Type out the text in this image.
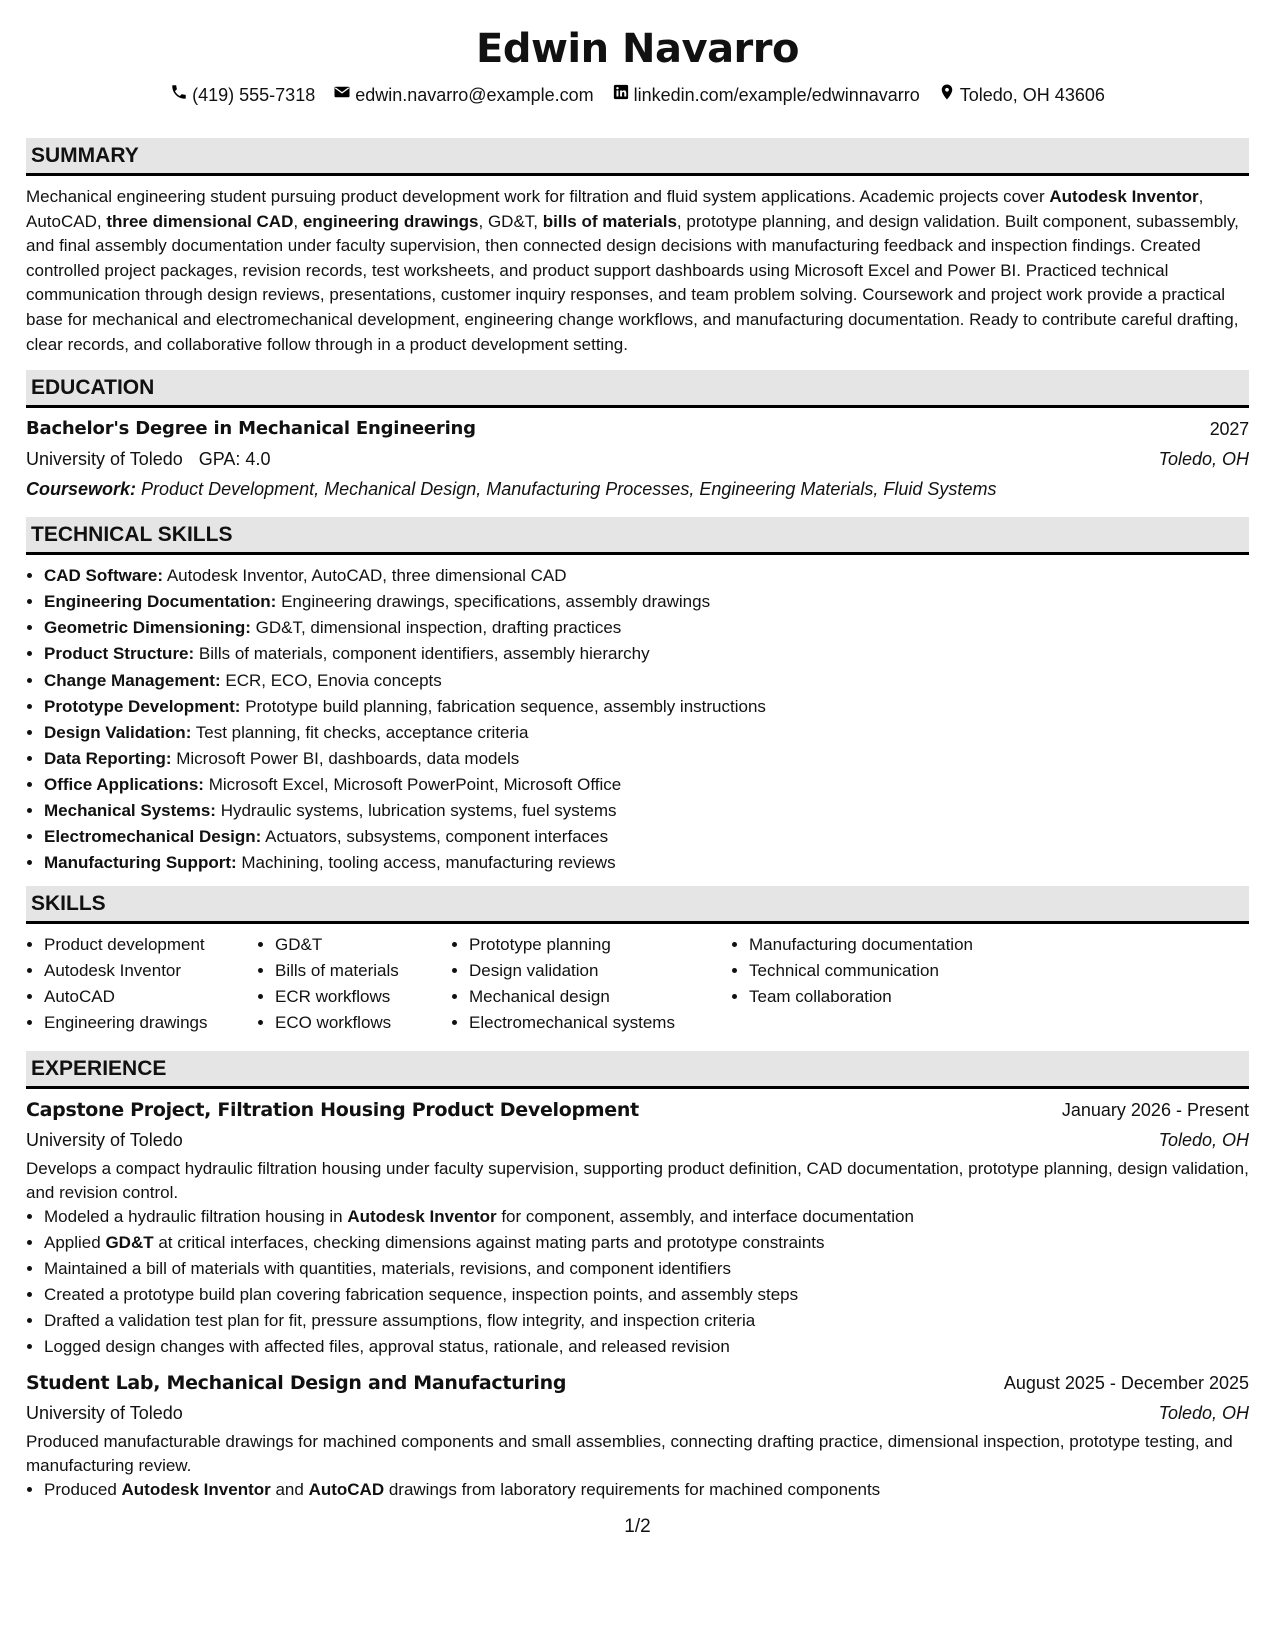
Edwin Navarro
(419) 555-7318 edwin.navarro@example.com linkedin.com/example/edwinnavarro Toledo, OH 43606
SUMMARY
Mechanical engineering student pursuing product development work for filtration and fluid system applications. Academic projects cover Autodesk Inventor, AutoCAD, three dimensional CAD, engineering drawings, GD&T, bills of materials, prototype planning, and design validation. Built component, subassembly, and final assembly documentation under faculty supervision, then connected design decisions with manufacturing feedback and inspection findings. Created controlled project packages, revision records, test worksheets, and product support dashboards using Microsoft Excel and Power BI. Practiced technical communication through design reviews, presentations, customer inquiry responses, and team problem solving. Coursework and project work provide a practical base for mechanical and electromechanical development, engineering change workflows, and manufacturing documentation. Ready to contribute careful drafting, clear records, and collaborative follow through in a product development setting.
EDUCATION
Bachelor's Degree in Mechanical Engineering	2027
University of Toledo GPA: 4.0	Toledo, OH
Coursework: Product Development, Mechanical Design, Manufacturing Processes, Engineering Materials, Fluid Systems
TECHNICAL SKILLS
• CAD Software: Autodesk Inventor, AutoCAD, three dimensional CAD
• Engineering Documentation: Engineering drawings, specifications, assembly drawings
• Geometric Dimensioning: GD&T, dimensional inspection, drafting practices
• Product Structure: Bills of materials, component identifiers, assembly hierarchy
• Change Management: ECR, ECO, Enovia concepts
• Prototype Development: Prototype build planning, fabrication sequence, assembly instructions
• Design Validation: Test planning, fit checks, acceptance criteria
• Data Reporting: Microsoft Power BI, dashboards, data models
• Office Applications: Microsoft Excel, Microsoft PowerPoint, Microsoft Office
• Mechanical Systems: Hydraulic systems, lubrication systems, fuel systems
• Electromechanical Design: Actuators, subsystems, component interfaces
• Manufacturing Support: Machining, tooling access, manufacturing reviews
SKILLS
• Product development
• Autodesk Inventor
• AutoCAD
• Engineering drawings
• GD&T
• Bills of materials
• ECR workflows
• ECO workflows
• Prototype planning
• Design validation
• Mechanical design
• Electromechanical systems
• Manufacturing documentation
• Technical communication
• Team collaboration
EXPERIENCE
Capstone Project, Filtration Housing Product Development	January 2026 - Present
University of Toledo	Toledo, OH
Develops a compact hydraulic filtration housing under faculty supervision, supporting product definition, CAD documentation, prototype planning, design validation, and revision control.
• Modeled a hydraulic filtration housing in Autodesk Inventor for component, assembly, and interface documentation
• Applied GD&T at critical interfaces, checking dimensions against mating parts and prototype constraints
• Maintained a bill of materials with quantities, materials, revisions, and component identifiers
• Created a prototype build plan covering fabrication sequence, inspection points, and assembly steps
• Drafted a validation test plan for fit, pressure assumptions, flow integrity, and inspection criteria
• Logged design changes with affected files, approval status, rationale, and released revision
Student Lab, Mechanical Design and Manufacturing	August 2025 - December 2025
University of Toledo	Toledo, OH
Produced manufacturable drawings for machined components and small assemblies, connecting drafting practice, dimensional inspection, prototype testing, and manufacturing review.
• Produced Autodesk Inventor and AutoCAD drawings from laboratory requirements for machined components
1/2
